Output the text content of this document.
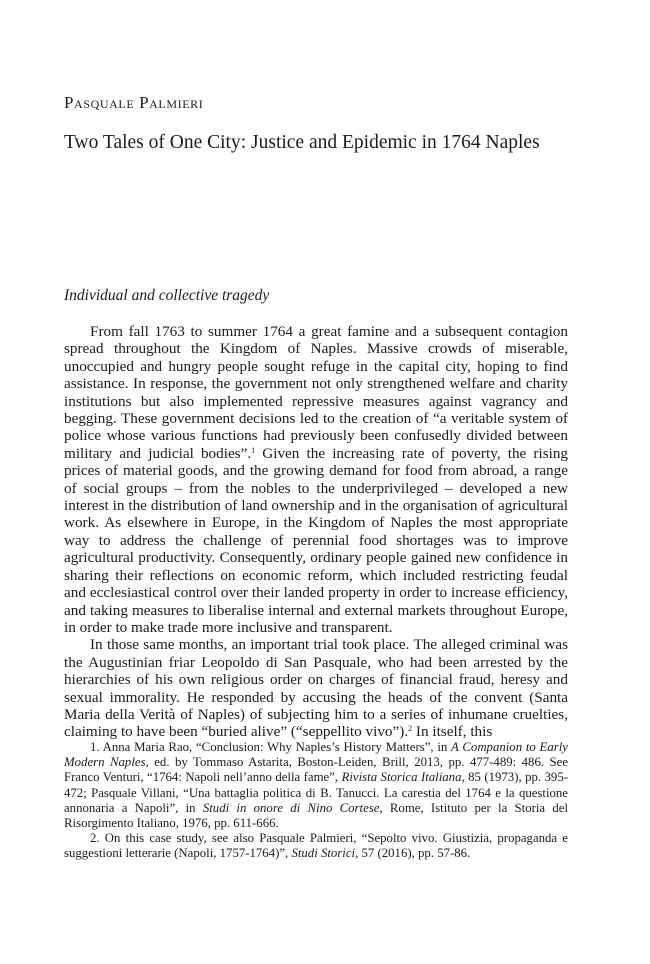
Pasquale Palmieri
Two Tales of One City: Justice and Epidemic in 1764 Naples
Individual and collective tragedy

From fall 1763 to summer 1764 a great famine and a subsequent contagion spread throughout the Kingdom of Naples. Massive crowds of miserable, unoccupied and hungry people sought refuge in the capital city, hoping to find assistance. In response, the government not only strengthened welfare and charity institutions but also implemented repressive measures against vagrancy and begging. These government decisions led to the creation of “a veritable system of police whose various functions had previously been confusedly divided between military and judicial bodies”.$^1$ Given the increasing rate of poverty, the rising prices of material goods, and the growing demand for food from abroad, a range of social groups – from the nobles to the underprivileged – developed a new interest in the distribution of land ownership and in the organisation of agricultural work. As elsewhere in Europe, in the Kingdom of Naples the most appropriate way to address the challenge of perennial food shortages was to improve agricultural productivity. Consequently, ordinary people gained new confidence in sharing their reflections on economic reform, which included restricting feudal and ecclesiastical control over their landed property in order to increase efficiency, and taking measures to liberalise internal and external markets throughout Europe, in order to make trade more inclusive and transparent.

In those same months, an important trial took place. The alleged criminal was the Augustinian friar Leopoldo di San Pasquale, who had been arrested by the hierarchies of his own religious order on charges of financial fraud, heresy and sexual immorality. He responded by accusing the heads of the convent (Santa Maria della Verità of Naples) of subjecting him to a series of inhumane cruelties, claiming to have been “buried alive” (“seppellito vivo”).$^2$ In itself, this

1. Anna Maria Rao, “Conclusion: Why Naples’s History Matters”, in A Companion to Early Modern Naples, ed. by Tommaso Astarita, Boston-Leiden, Brill, 2013, pp. 477-489: 486. See Franco Venturi, “1764: Napoli nell’anno della fame”, Rivista Storica Italiana, 85 (1973), pp. 395-472; Pasquale Villani, “Una battaglia politica di B. Tanucci. La carestia del 1764 e la questione annonaria a Napoli”, in Studi in onore di Nino Cortese, Rome, Istituto per la Storia del Risorgimento Italiano, 1976, pp. 611-666.

2. On this case study, see also Pasquale Palmieri, “Sepolto vivo. Giustizia, propaganda e suggestioni letterarie (Napoli, 1757-1764)”, Studi Storici, 57 (2016), pp. 57-86.
